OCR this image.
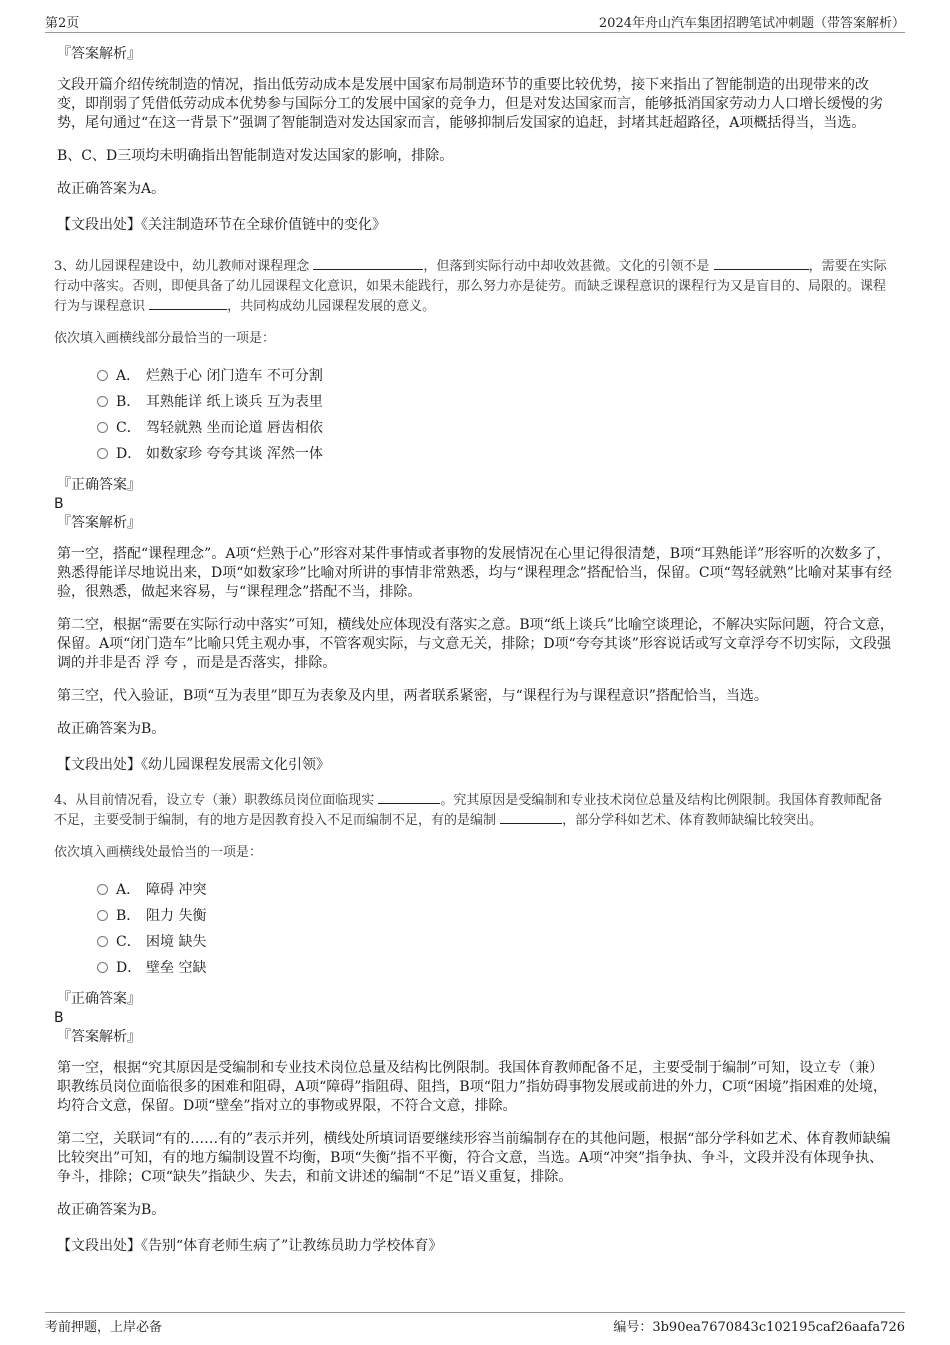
第2页	2024年舟山汽车集团招聘笔试冲刺题（带答案解析）

『答案解析』

文段开篇介绍传统制造的情况，指出低劳动成本是发展中国家布局制造环节的重要比较优势，接下来指出了智能制造的出现带来的改变，即削弱了凭借低劳动成本优势参与国际分工的发展中国家的竞争力，但是对发达国家而言，能够抵消国家劳动力人口增长缓慢的劣势，尾句通过“在这一背景下”强调了智能制造对发达国家而言，能够抑制后发国家的追赶，封堵其赶超路径，A项概括得当，当选。

B、C、D三项均未明确指出智能制造对发达国家的影响，排除。

故正确答案为A。

【文段出处】《关注制造环节在全球价值链中的变化》

3、幼儿园课程建设中，幼儿教师对课程理念	，但落到实际行动中却收效甚微。文化的引领不是	，需要在实际行动中落实。否则，即便具备了幼儿园课程文化意识，如果未能践行，那么努力亦是徒劳。而缺乏课程意识的课程行为又是盲目的、局限的。课程行为与课程意识	，共同构成幼儿园课程发展的意义。

依次填入画横线部分最恰当的一项是：

A． 烂熟于心 闭门造车 不可分割
B． 耳熟能详 纸上谈兵 互为表里
C． 驾轻就熟 坐而论道 唇齿相依
D． 如数家珍 夸夸其谈 浑然一体

『正确答案』

B

『答案解析』

第一空，搭配“课程理念”。A项“烂熟于心”形容对某件事情或者事物的发展情况在心里记得很清楚，B项“耳熟能详”形容听的次数多了，熟悉得能详尽地说出来，D项“如数家珍”比喻对所讲的事情非常熟悉，均与“课程理念”搭配恰当，保留。C项“驾轻就熟”比喻对某事有经验，很熟悉，做起来容易，与“课程理念”搭配不当，排除。

第二空，根据“需要在实际行动中落实”可知，横线处应体现没有落实之意。B项“纸上谈兵”比喻空谈理论，不解决实际问题，符合文意，保留。A项“闭门造车”比喻只凭主观办事，不管客观实际，与文意无关，排除；D项“夸夸其谈”形容说话或写文章浮夸不切实际，文段强调的并非是否 浮 夸 ，而是是否落实，排除。

第三空，代入验证，B项“互为表里”即互为表象及内里，两者联系紧密，与“课程行为与课程意识”搭配恰当，当选。

故正确答案为B。

【文段出处】《幼儿园课程发展需文化引领》

4、从目前情况看，设立专（兼）职教练员岗位面临现实	。究其原因是受编制和专业技术岗位总量及结构比例限制。我国体育教师配备不足，主要受制于编制，有的地方是因教育投入不足而编制不足，有的是编制	，部分学科如艺术、体育教师缺编比较突出。

依次填入画横线处最恰当的一项是：

A． 障碍 冲突
B． 阻力 失衡
C． 困境 缺失
D． 壁垒 空缺

『正确答案』

B

『答案解析』

第一空，根据“究其原因是受编制和专业技术岗位总量及结构比例限制。我国体育教师配备不足，主要受制于编制”可知，设立专（兼）职教练员岗位面临很多的困难和阻碍，A项“障碍”指阻碍、阻挡，B项“阻力”指妨碍事物发展或前进的外力，C项“困境”指困难的处境，均符合文意，保留。D项“壁垒”指对立的事物或界限，不符合文意，排除。

第二空，关联词“有的……有的”表示并列，横线处所填词语要继续形容当前编制存在的其他问题，根据“部分学科如艺术、体育教师缺编比较突出”可知，有的地方编制设置不均衡，B项“失衡”指不平衡，符合文意，当选。A项“冲突”指争执、争斗，文段并没有体现争执、争斗，排除；C项“缺失”指缺少、失去，和前文讲述的编制“不足”语义重复，排除。

故正确答案为B。

【文段出处】《告别“体育老师生病了”让教练员助力学校体育》

考前押题，上岸必备	编号：3b90ea7670843c102195caf26aafa726
